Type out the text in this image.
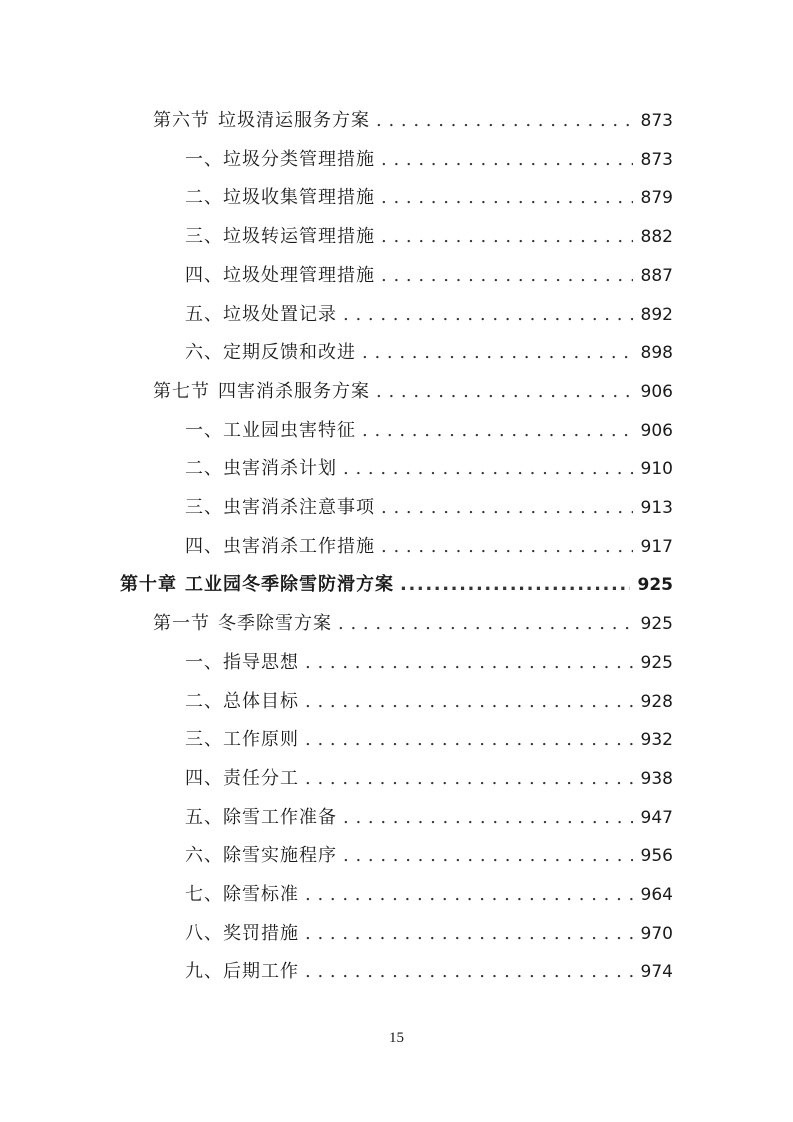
第六节 垃圾清运服务方案 . . .	873
一、垃圾分类管理措施 . . .	873
二、垃圾收集管理措施 . . .	879
三、垃圾转运管理措施 . . .	882
四、垃圾处理管理措施 . . .	887
五、垃圾处置记录 . . .	892
六、定期反馈和改进 . . .	898
第七节 四害消杀服务方案 . . .	906
一、工业园虫害特征 . . .	906
二、虫害消杀计划 . . .	910
三、虫害消杀注意事项 . . .	913
四、虫害消杀工作措施 . . .	917
第十章 工业园冬季除雪防滑方案 .....	925
第一节 冬季除雪方案 . . .	925
一、指导思想 . . .	925
二、总体目标 . . .	928
三、工作原则 . . .	932
四、责任分工 . . .	938
五、除雪工作准备 . . .	947
六、除雪实施程序 . . .	956
七、除雪标准 . . .	964
八、奖罚措施 . . .	970
九、后期工作 . . .	974
15
